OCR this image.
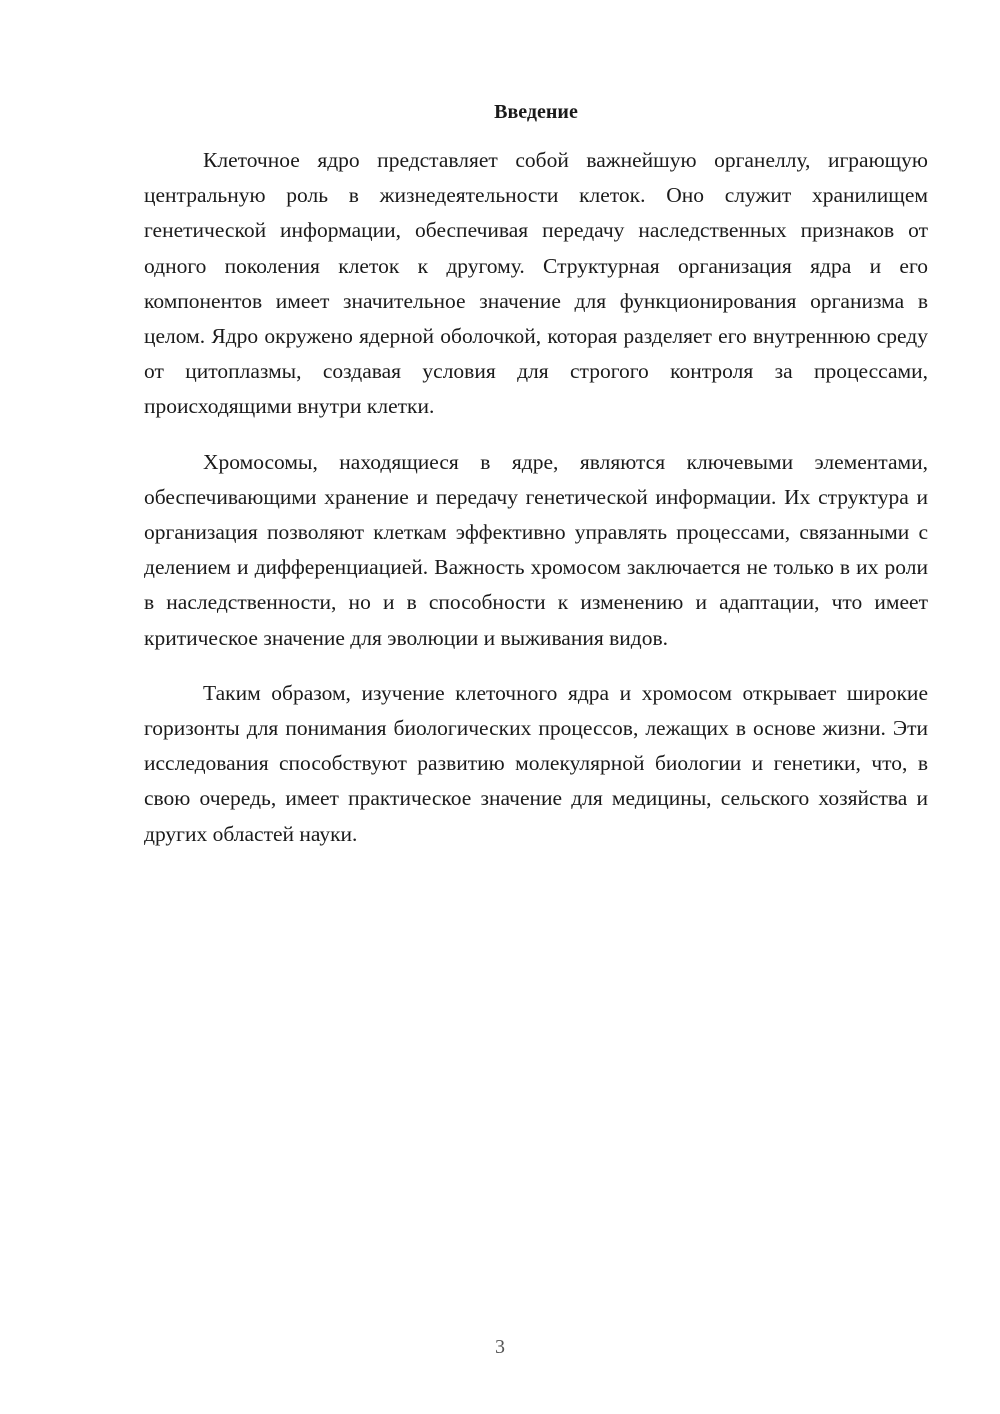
Введение

Клеточное ядро представляет собой важнейшую органеллу, играющую центральную роль в жизнедеятельности клеток. Оно служит хранилищем генетической информации, обеспечивая передачу наследственных признаков от одного поколения клеток к другому. Структурная организация ядра и его компонентов имеет значительное значение для функционирования организма в целом. Ядро окружено ядерной оболочкой, которая разделяет его внутреннюю среду от цитоплазмы, создавая условия для строгого контроля за процессами, происходящими внутри клетки.

Хромосомы, находящиеся в ядре, являются ключевыми элементами, обеспечивающими хранение и передачу генетической информации. Их структура и организация позволяют клеткам эффективно управлять процессами, связанными с делением и дифференциацией. Важность хромосом заключается не только в их роли в наследственности, но и в способности к изменению и адаптации, что имеет критическое значение для эволюции и выживания видов.

Таким образом, изучение клеточного ядра и хромосом открывает широкие горизонты для понимания биологических процессов, лежащих в основе жизни. Эти исследования способствуют развитию молекулярной биологии и генетики, что, в свою очередь, имеет практическое значение для медицины, сельского хозяйства и других областей науки.

3
